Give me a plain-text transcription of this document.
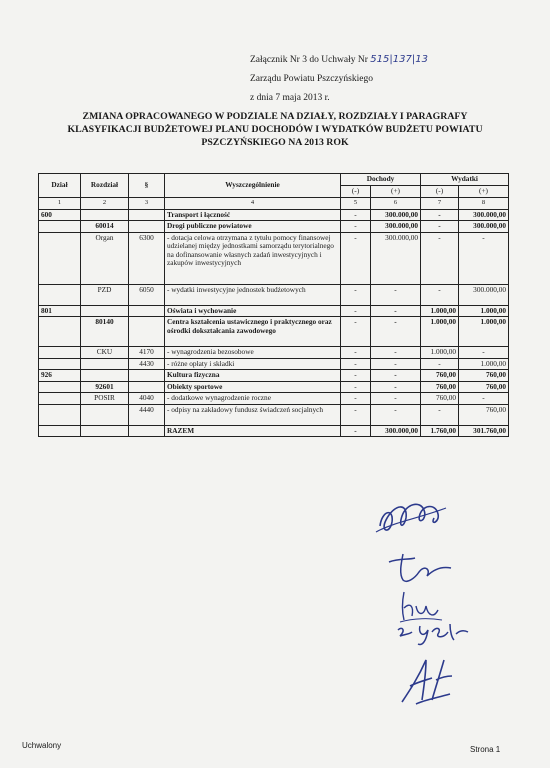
Załącznik Nr 3 do Uchwały Nr 515|137|13
Zarządu Powiatu Pszczyńskiego
z dnia 7 maja 2013 r.
ZMIANA OPRACOWANEGO W PODZIALE NA DZIAŁY, ROZDZIAŁY I PARAGRAFY
KLASYFIKACJI BUDŻETOWEJ PLANU DOCHODÓW I WYDATKÓW BUDŻETU POWIATU
PSZCZYŃSKIEGO NA 2013 ROK
Dział	Rozdział	§	Wyszczególnienie	Dochody		Wydatki	
				(-)	(+)	(-)	(+)
1	2	3	4	5	6	7	8
600			Transport i łączność	-	300.000,00	-	300.000,00
	60014		Drogi publiczne powiatowe	-	300.000,00	-	300.000,00
	Organ	6300	- dotacja celowa otrzymana z tytułu pomocy finansowej udzielanej między jednostkami samorządu terytorialnego na dofinansowanie własnych zadań inwestycyjnych i zakupów inwestycyjnych	-	300.000,00	-	-
	PZD	6050	- wydatki inwestycyjne jednostek budżetowych	-	-	-	300.000,00
801			Oświata i wychowanie	-	-	1.000,00	1.000,00
	80140		Centra kształcenia ustawicznego i praktycznego oraz ośrodki dokształcania zawodowego	-	-	1.000,00	1.000,00
	CKU	4170	- wynagrodzenia bezosobowe	-	-	1.000,00	-
		4430	- różne opłaty i składki	-	-	-	1.000,00
926			Kultura fizyczna	-	-	760,00	760,00
	92601		Obiekty sportowe	-	-	760,00	760,00
	POSIR	4040	- dodatkowe wynagrodzenie roczne	-	-	760,00	-
		4440	- odpisy na zakładowy fundusz świadczeń socjalnych	-	-	-	760,00
			RAZEM	-	300.000,00	1.760,00	301.760,00
Uchwalony	Strona 1
